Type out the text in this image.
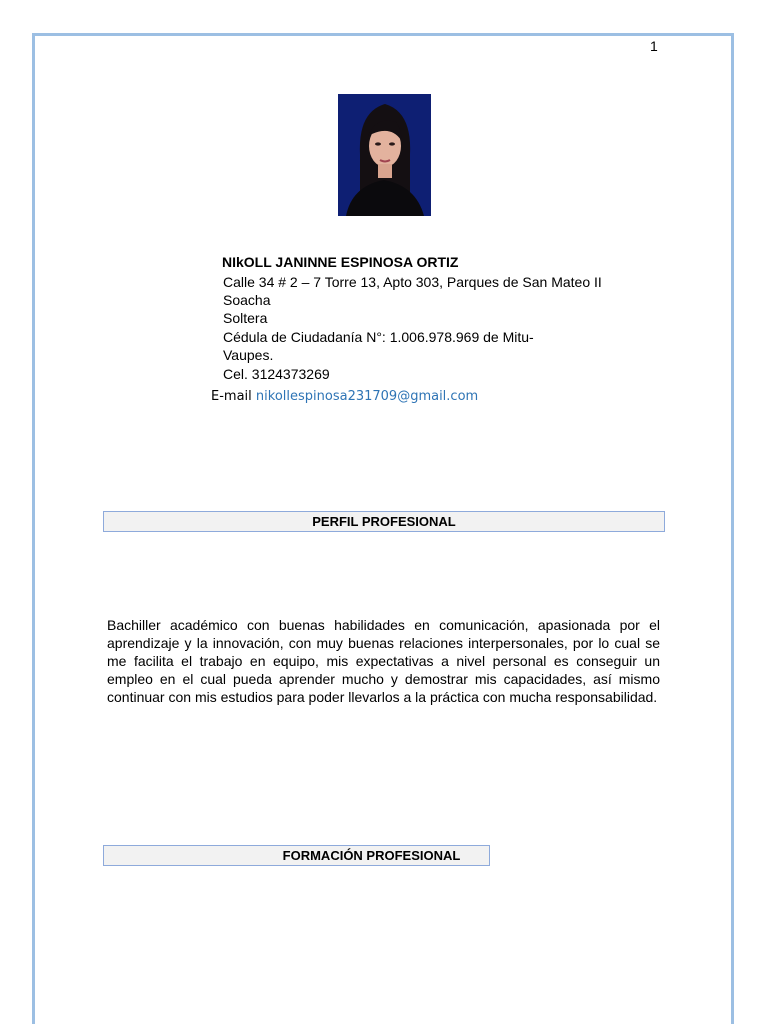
1
NIkOLL JANINNE ESPINOSA ORTIZ
Calle 34 # 2 – 7 Torre 13, Apto 303, Parques de San Mateo II
Soacha
Soltera
Cédula de Ciudadanía N°: 1.006.978.969 de Mitu-
Vaupes.
Cel. 3124373269
E-mail nikollespinosa231709@gmail.com
PERFIL PROFESIONAL
Bachiller académico con buenas habilidades en comunicación, apasionada por el aprendizaje y la innovación, con muy buenas relaciones interpersonales, por lo cual se me facilita el trabajo en equipo, mis expectativas a nivel personal es conseguir un empleo en el cual pueda aprender mucho y demostrar mis capacidades, así mismo continuar con mis estudios para poder llevarlos a la práctica con mucha responsabilidad.
FORMACIÓN PROFESIONAL
